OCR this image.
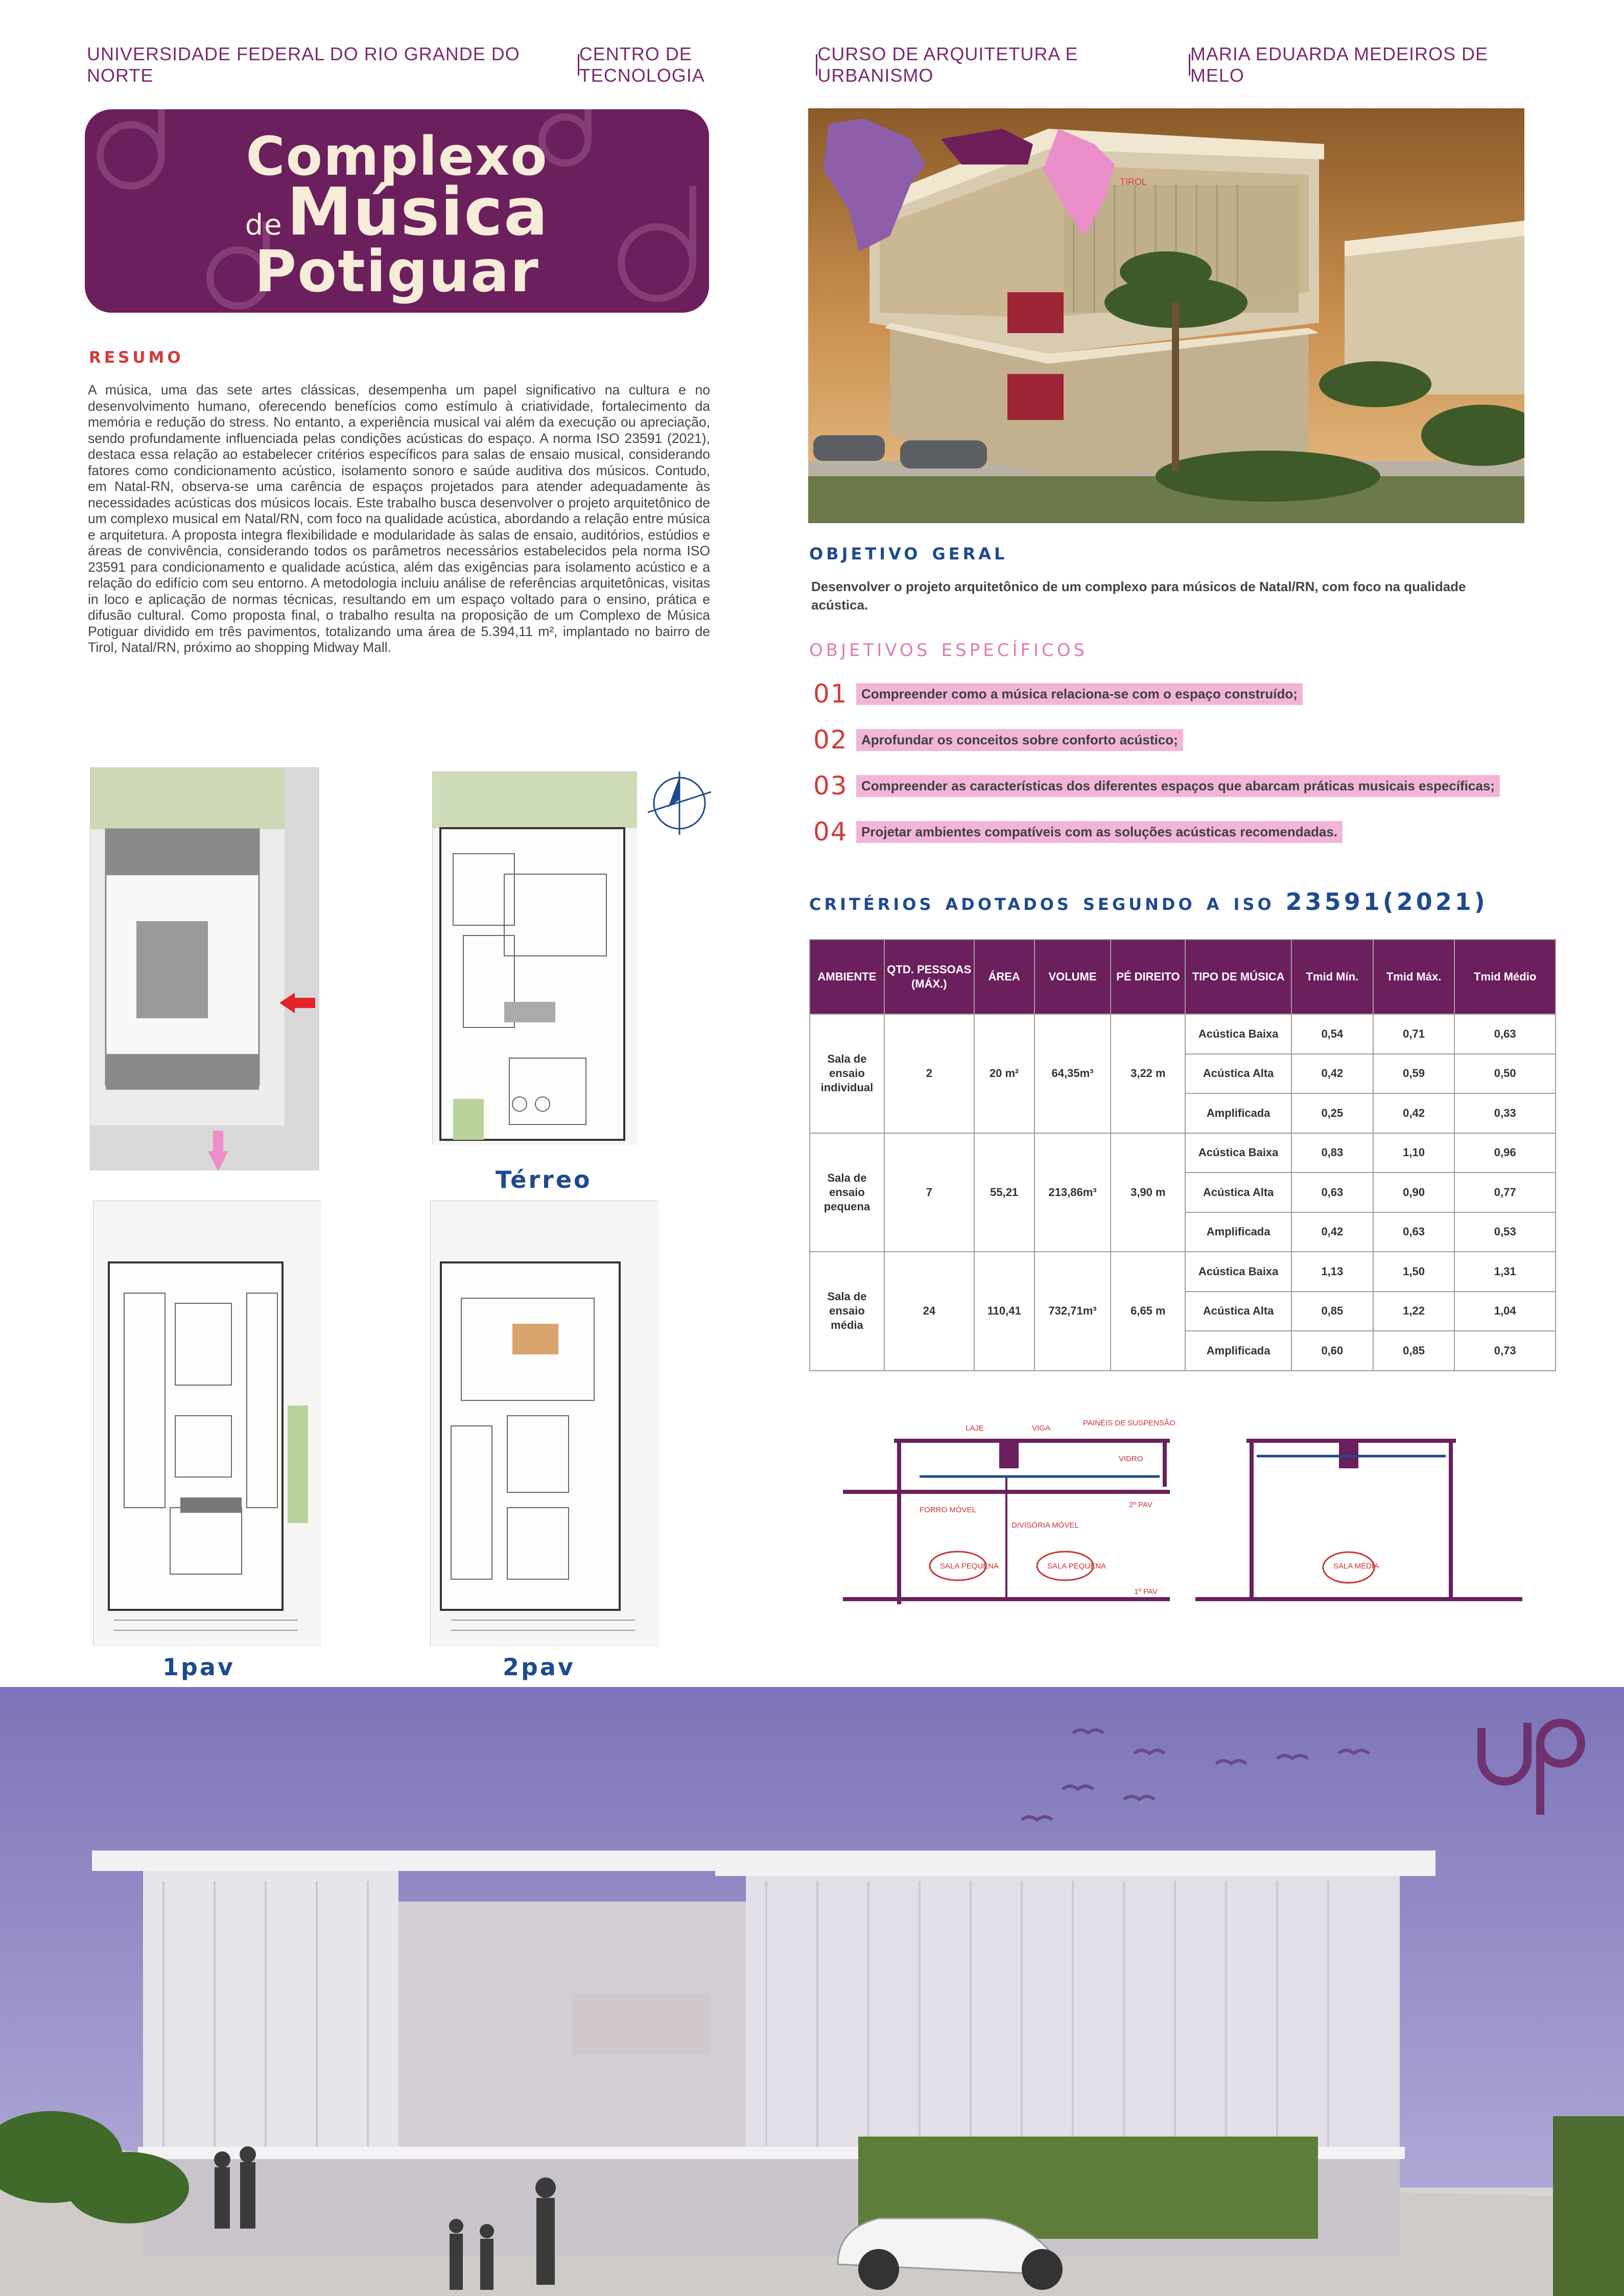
UNIVERSIDADE FEDERAL DO RIO GRANDE DO NORTE
CENTRO DE TECNOLOGIA
CURSO DE ARQUITETURA E URBANISMO
MARIA EDUARDA MEDEIROS DE MELO
Complexo
deMúsica
Potiguar
resumo

A música, uma das sete artes clássicas, desempenha um papel significativo na cultura e no desenvolvimento humano, oferecendo benefícios como estímulo à criatividade, fortalecimento da memória e redução do stress. No entanto, a experiência musical vai além da execução ou apreciação, sendo profundamente influenciada pelas condições acústicas do espaço. A norma ISO 23591 (2021), destaca essa relação ao estabelecer critérios específicos para salas de ensaio musical, considerando fatores como condicionamento acústico, isolamento sonoro e saúde auditiva dos músicos. Contudo, em Natal-RN, observa-se uma carência de espaços projetados para atender adequadamente às necessidades acústicas dos músicos locais. Este trabalho busca desenvolver o projeto arquitetônico de um complexo musical em Natal/RN, com foco na qualidade acústica, abordando a relação entre música e arquitetura. A proposta integra flexibilidade e modularidade às salas de ensaio, auditórios, estúdios e áreas de convivência, considerando todos os parâmetros necessários estabelecidos pela norma ISO 23591 para condicionamento e qualidade acústica, além das exigências para isolamento acústico e a relação do edifício com seu entorno. A metodologia incluiu análise de referências arquitetônicas, visitas in loco e aplicação de normas técnicas, resultando em um espaço voltado para o ensino, prática e difusão cultural. Como proposta final, o trabalho resulta na proposição de um Complexo de Música Potiguar dividido em três pavimentos, totalizando uma área de 5.394,11 m², implantado no bairro de Tirol, Natal/RN, próximo ao shopping Midway Mall.

TIROL
objetivo geral

Desenvolver o projeto arquitetônico de um complexo para músicos de Natal/RN, com foco na qualidade acústica.

objetivos específicos
01	Compreender como a música relaciona-se com o espaço construído;
02	Aprofundar os conceitos sobre conforto acústico;
03	Compreender as características dos diferentes espaços que abarcam práticas musicais específicas;
04	Projetar ambientes compatíveis com as soluções acústicas recomendadas.
critérios adotados segundo a iso 23591(2021)
AMBIENTE	QTD. PESSOAS (MÁX.)	ÁREA	VOLUME	PÉ DIREITO	TIPO DE MÚSICA	Tmid Mín.	Tmid Máx.	Tmid Médio
Sala de ensaio individual	2	20 m²	64,35m³	3,22 m	Acústica Baixa	0,54	0,71	0,63
					Acústica Alta	0,42	0,59	0,50
					Amplificada	0,25	0,42	0,33
Sala de ensaio pequena	7	55,21	213,86m³	3,90 m	Acústica Baixa	0,83	1,10	0,96
					Acústica Alta	0,63	0,90	0,77
					Amplificada	0,42	0,63	0,53
Sala de ensaio média	24	110,41	732,71m³	6,65 m	Acústica Baixa	1,13	1,50	1,31
					Acústica Alta	0,85	1,22	1,04
					Amplificada	0,60	0,85	0,73
LAJE	VIGA
PAINÉIS DE SUSPENSÃO
VIDRO
2º PAV
FORRO MÓVEL
DIVISÓRIA MÓVEL
SALA PEQUENA	SALA PEQUENA
1º PAV
SALA MÉDIA
Térreo
1pav	2pav
